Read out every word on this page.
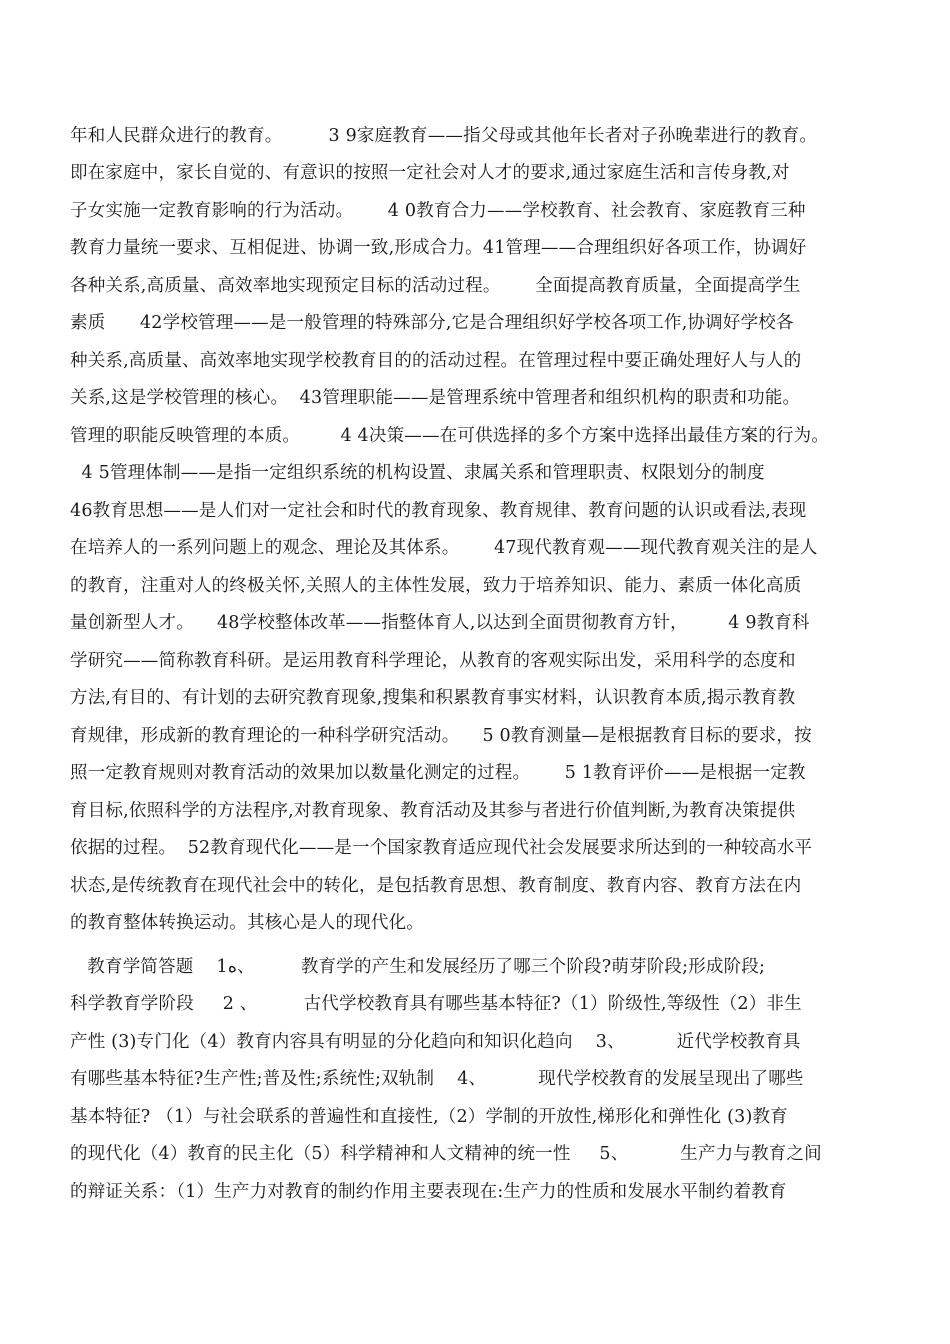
年和人民群众进行的教育。        3 9家庭教育——指父母或其他年长者对子孙晚辈进行的教育。
即在家庭中，家长自觉的、有意识的按照一定社会对人才的要求,通过家庭生活和言传身教,对
子女实施一定教育影响的行为活动。      4 0教育合力——学校教育、社会教育、家庭教育三种
教育力量统一要求、互相促进、协调一致,形成合力。41管理——合理组织好各项工作，协调好
各种关系,高质量、高效率地实现预定目标的活动过程。      全面提高教育质量，全面提高学生
素质      42学校管理——是一般管理的特殊部分,它是合理组织好学校各项工作,协调好学校各
种关系,高质量、高效率地实现学校教育目的的活动过程。在管理过程中要正确处理好人与人的
关系,这是学校管理的核心。  43管理职能——是管理系统中管理者和组织机构的职责和功能。
管理的职能反映管理的本质。       4 4决策——在可供选择的多个方案中选择出最佳方案的行为。
4 5管理体制——是指一定组织系统的机构设置、隶属关系和管理职责、权限划分的制度
46教育思想——是人们对一定社会和时代的教育现象、教育规律、教育问题的认识或看法,表现
在培养人的一系列问题上的观念、理论及其体系。      47现代教育观——现代教育观关注的是人
的教育，注重对人的终极关怀,关照人的主体性发展，致力于培养知识、能力、素质一体化高质
量创新型人才。    48学校整体改革——指整体育人,以达到全面贯彻教育方针，       4 9教育科
学研究——简称教育科研。是运用教育科学理论，从教育的客观实际出发，采用科学的态度和
方法,有目的、有计划的去研究教育现象,搜集和积累教育事实材料，认识教育本质,揭示教育教
育规律，形成新的教育理论的一种科学研究活动。    5 0教育测量—是根据教育目标的要求，按
照一定教育规则对教育活动的效果加以数量化测定的过程。      5 1教育评价——是根据一定教
育目标,依照科学的方法程序,对教育现象、教育活动及其参与者进行价值判断,为教育决策提供
依据的过程。  52教育现代化——是一个国家教育适应现代社会发展要求所达到的一种较高水平
状态,是传统教育在现代社会中的转化，是包括教育思想、教育制度、教育内容、教育方法在内
的教育整体转换运动。其核心是人的现代化。
教育学简答题    1ه、        教育学的产生和发展经历了哪三个阶段?萌芽阶段;形成阶段;
科学教育学阶段     2 、        古代学校教育具有哪些基本特征?（1）阶级性,等级性（2）非生
产性 (3)专门化（4）教育内容具有明显的分化趋向和知识化趋向    3、         近代学校教育具
有哪些基本特征?生产性;普及性;系统性;双轨制    4、         现代学校教育的发展呈现出了哪些
基本特征? （1）与社会联系的普遍性和直接性,（2）学制的开放性,梯形化和弹性化 (3)教育
的现代化（4）教育的民主化（5）科学精神和人文精神的统一性     5、         生产力与教育之间
的辩证关系：（1）生产力对教育的制约作用主要表现在:生产力的性质和发展水平制约着教育
